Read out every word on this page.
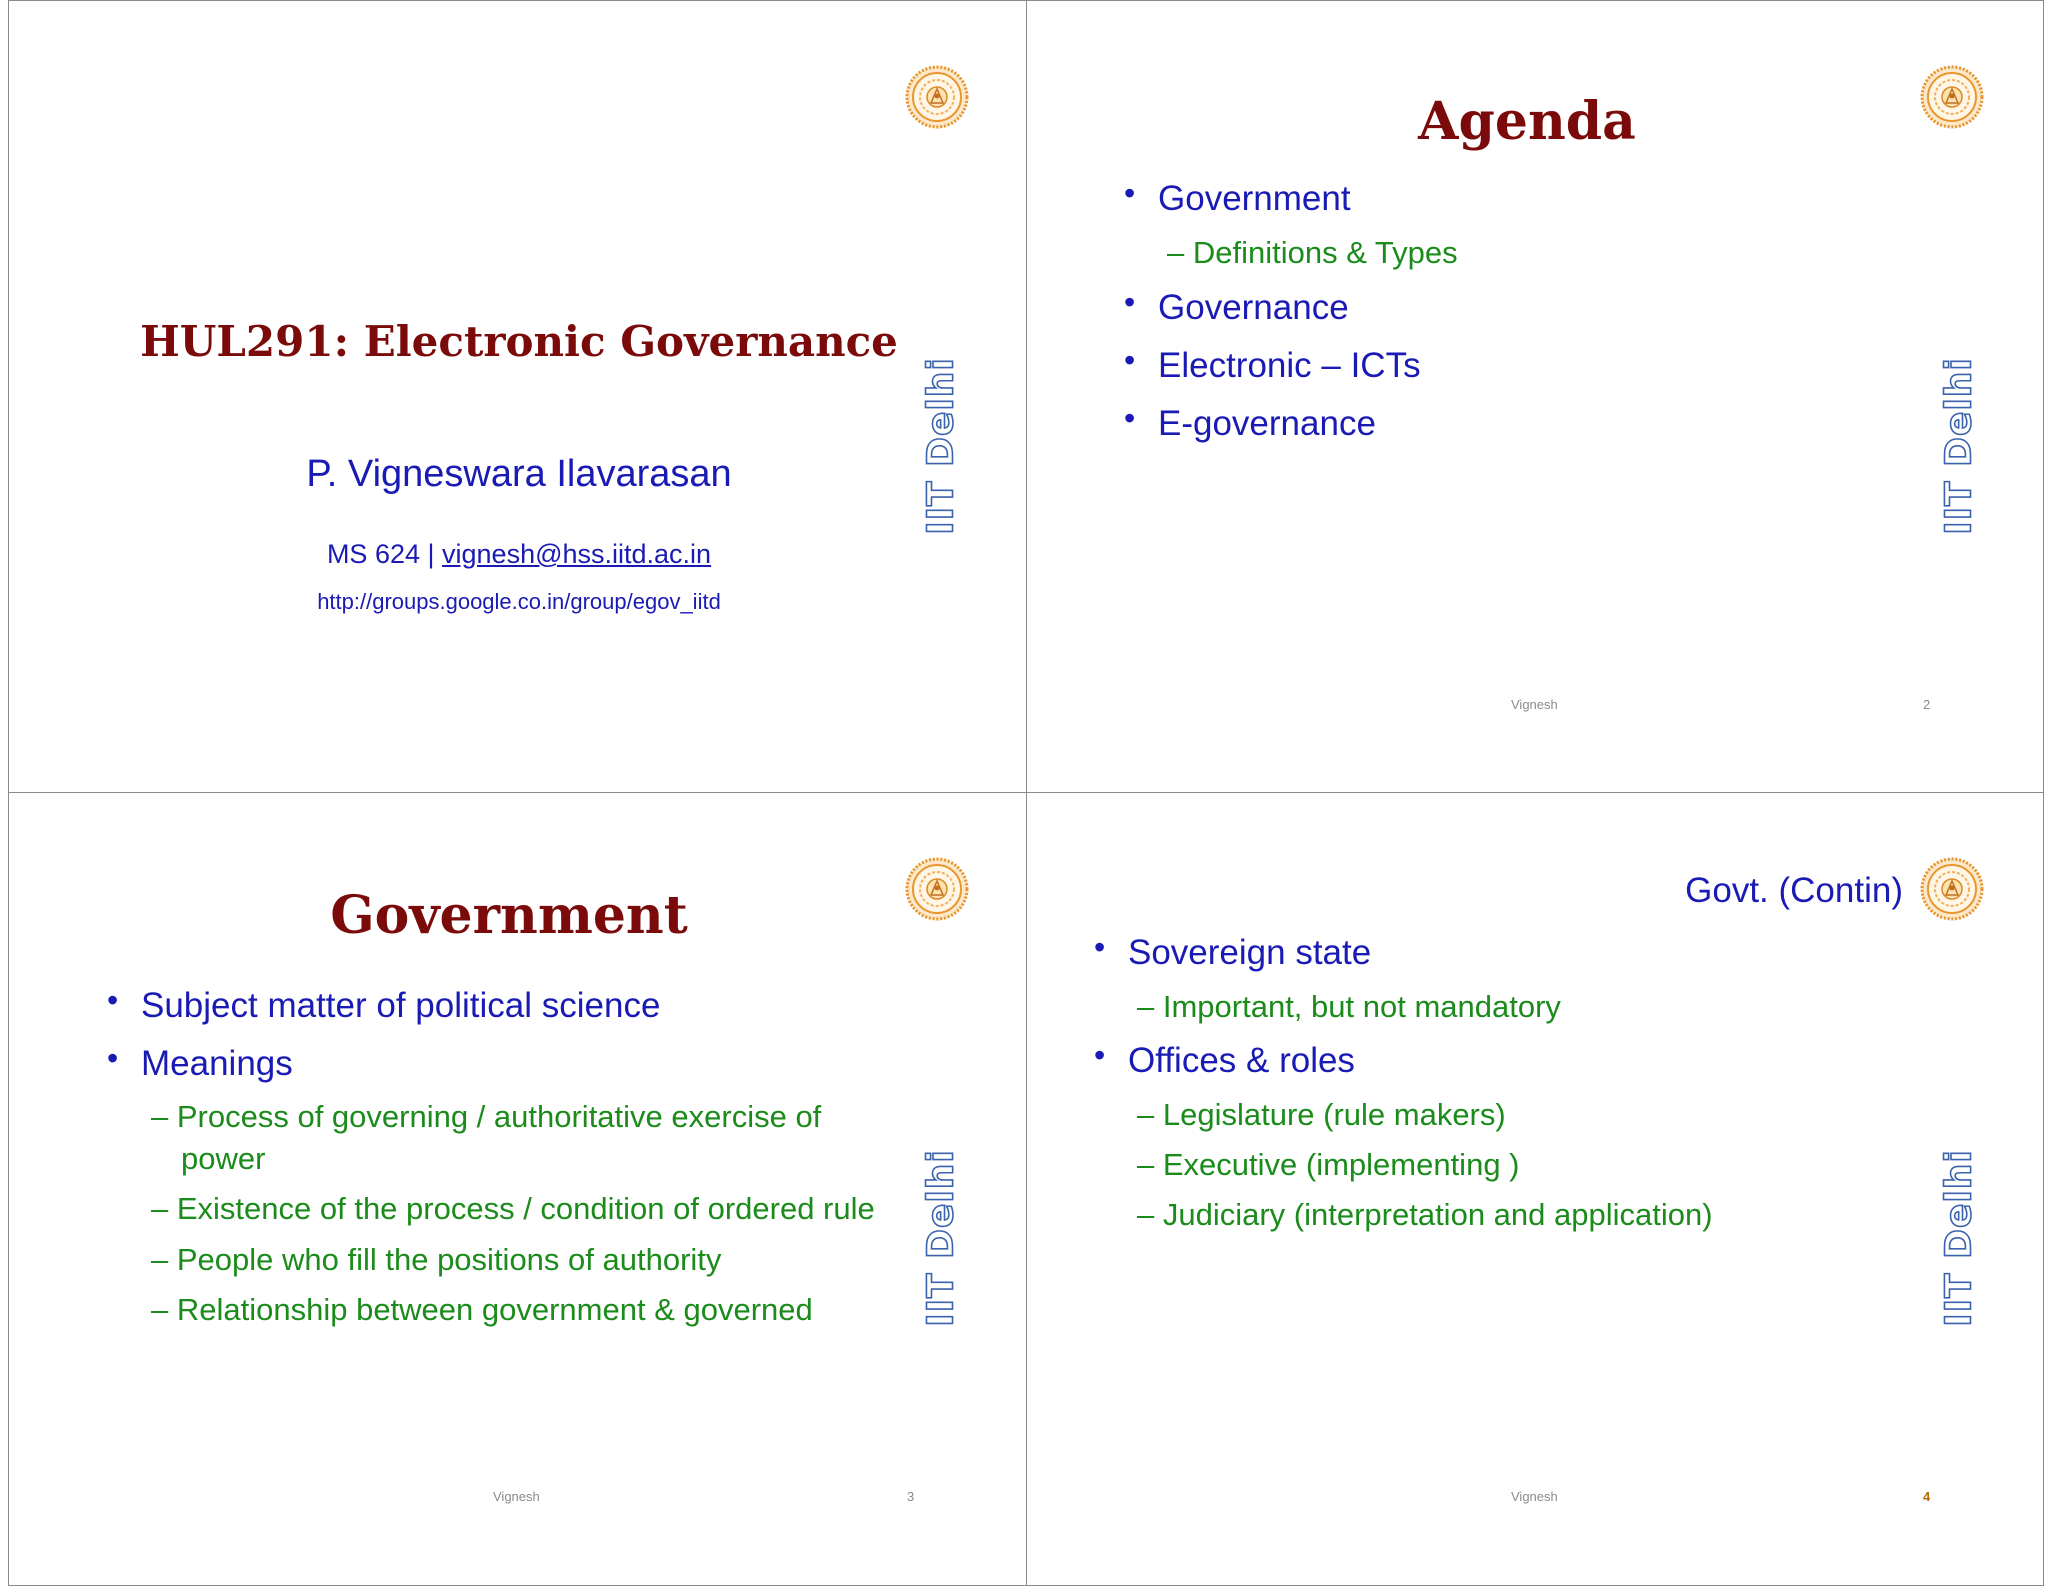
IIT Delhi
HUL291: Electronic Governance
P. Vigneswara Ilavarasan
MS 624 | vignesh@hss.iitd.ac.in
http://groups.google.co.in/group/egov_iitd
IIT Delhi
Agenda
• Government
– Definitions & Types
• Governance
• Electronic – ICTs
• E-governance
Vignesh	2
IIT Delhi
Government
• Subject matter of political science
• Meanings
– Process of governing / authoritative exercise of
power
– Existence of the process / condition of ordered rule
– People who fill the positions of authority
– Relationship between government & governed
Vignesh	3
IIT Delhi
Govt. (Contin)
• Sovereign state
– Important, but not mandatory
• Offices & roles
– Legislature (rule makers)
– Executive (implementing )
– Judiciary (interpretation and application)
Vignesh	4
